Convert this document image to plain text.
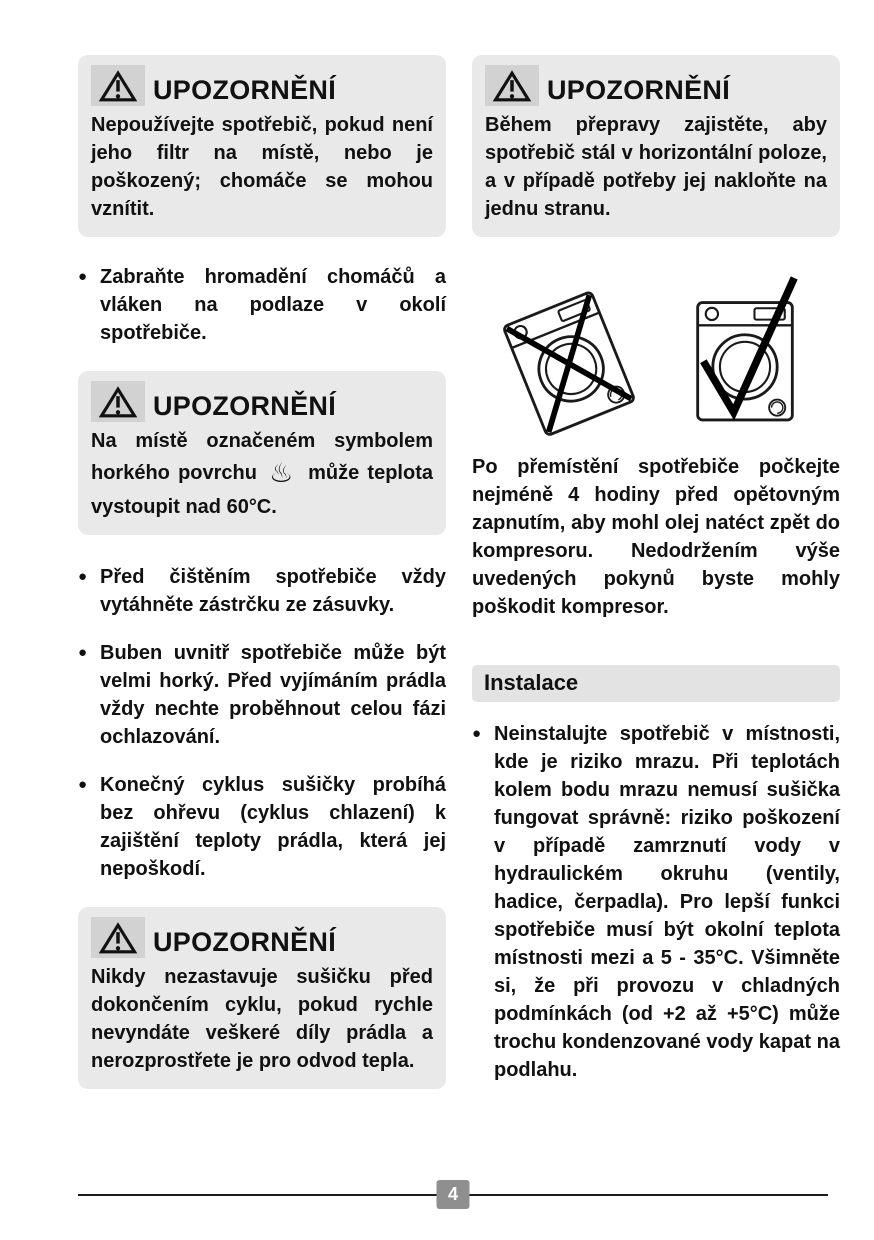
UPOZORNĚNÍ

Nepoužívejte spotřebič, pokud není jeho filtr na místě, nebo je poškozený; chomáče se mohou vznítit.

●

Zabraňte hromadění chomáčů a vláken na podlaze v okolí spotřebiče.

UPOZORNĚNÍ

Na místě označeném symbolem horkého povrchu ♨ může teplota vystoupit nad 60°C.

●

Před čištěním spotřebiče vždy vytáhněte zástrčku ze zásuvky.

●

Buben uvnitř spotřebiče může být velmi horký. Před vyjímáním prádla vždy nechte proběhnout celou fázi ochlazování.

●

Konečný cyklus sušičky probíhá bez ohřevu (cyklus chlazení) k zajištění teploty prádla, která jej nepoškodí.

UPOZORNĚNÍ

Nikdy nezastavuje sušičku před dokončením cyklu, pokud rychle nevyndáte veškeré díly prádla a nerozprostřete je pro odvod tepla.

UPOZORNĚNÍ

Během přepravy zajistěte, aby spotřebič stál v horizontální poloze, a v případě potřeby jej nakloňte na jednu stranu.

Po přemístění spotřebiče počkejte nejméně 4 hodiny před opětovným zapnutím, aby mohl olej natéct zpět do kompresoru. Nedodržením výše uvedených pokynů byste mohly poškodit kompresor.

Instalace
●

Neinstalujte spotřebič v místnosti, kde je riziko mrazu. Při teplotách kolem bodu mrazu nemusí sušička fungovat správně: riziko poškození v případě zamrznutí vody v hydraulickém okruhu (ventily, hadice, čerpadla). Pro lepší funkci spotřebiče musí být okolní teplota místnosti mezi a 5 - 35°C. Všimněte si, že při provozu v chladných podmínkách (od +2 až +5°C) může trochu kondenzované vody kapat na podlahu.

4
